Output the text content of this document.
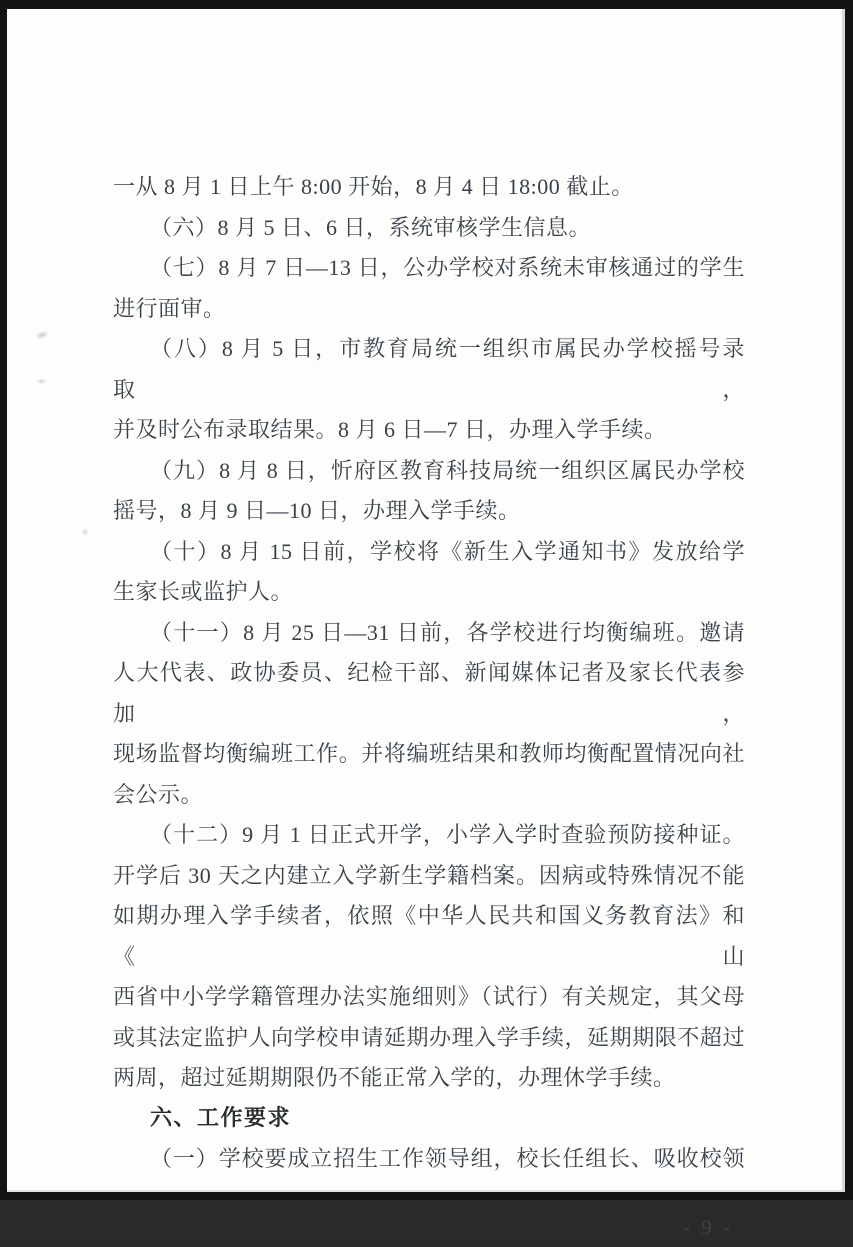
一从 8 月 1 日上午 8:00 开始，8 月 4 日 18:00 截止。
（六）8 月 5 日、6 日，系统审核学生信息。
（七）8 月 7 日—13 日，公办学校对系统未审核通过的学生
进行面审。
（八）8 月 5 日，市教育局统一组织市属民办学校摇号录取，
并及时公布录取结果。8 月 6 日—7 日，办理入学手续。
（九）8 月 8 日，忻府区教育科技局统一组织区属民办学校
摇号，8 月 9 日—10 日，办理入学手续。
（十）8 月 15 日前，学校将《新生入学通知书》发放给学
生家长或监护人。
（十一）8 月 25 日—31 日前，各学校进行均衡编班。邀请
人大代表、政协委员、纪检干部、新闻媒体记者及家长代表参加，
现场监督均衡编班工作。并将编班结果和教师均衡配置情况向社
会公示。
（十二）9 月 1 日正式开学，小学入学时查验预防接种证。
开学后 30 天之内建立入学新生学籍档案。因病或特殊情况不能
如期办理入学手续者，依照《中华人民共和国义务教育法》和《山
西省中小学学籍管理办法实施细则》（试行）有关规定，其父母
或其法定监护人向学校申请延期办理入学手续，延期期限不超过
两周，超过延期期限仍不能正常入学的，办理休学手续。
六、工作要求
（一）学校要成立招生工作领导组，校长任组长、吸收校领
- 9 -
